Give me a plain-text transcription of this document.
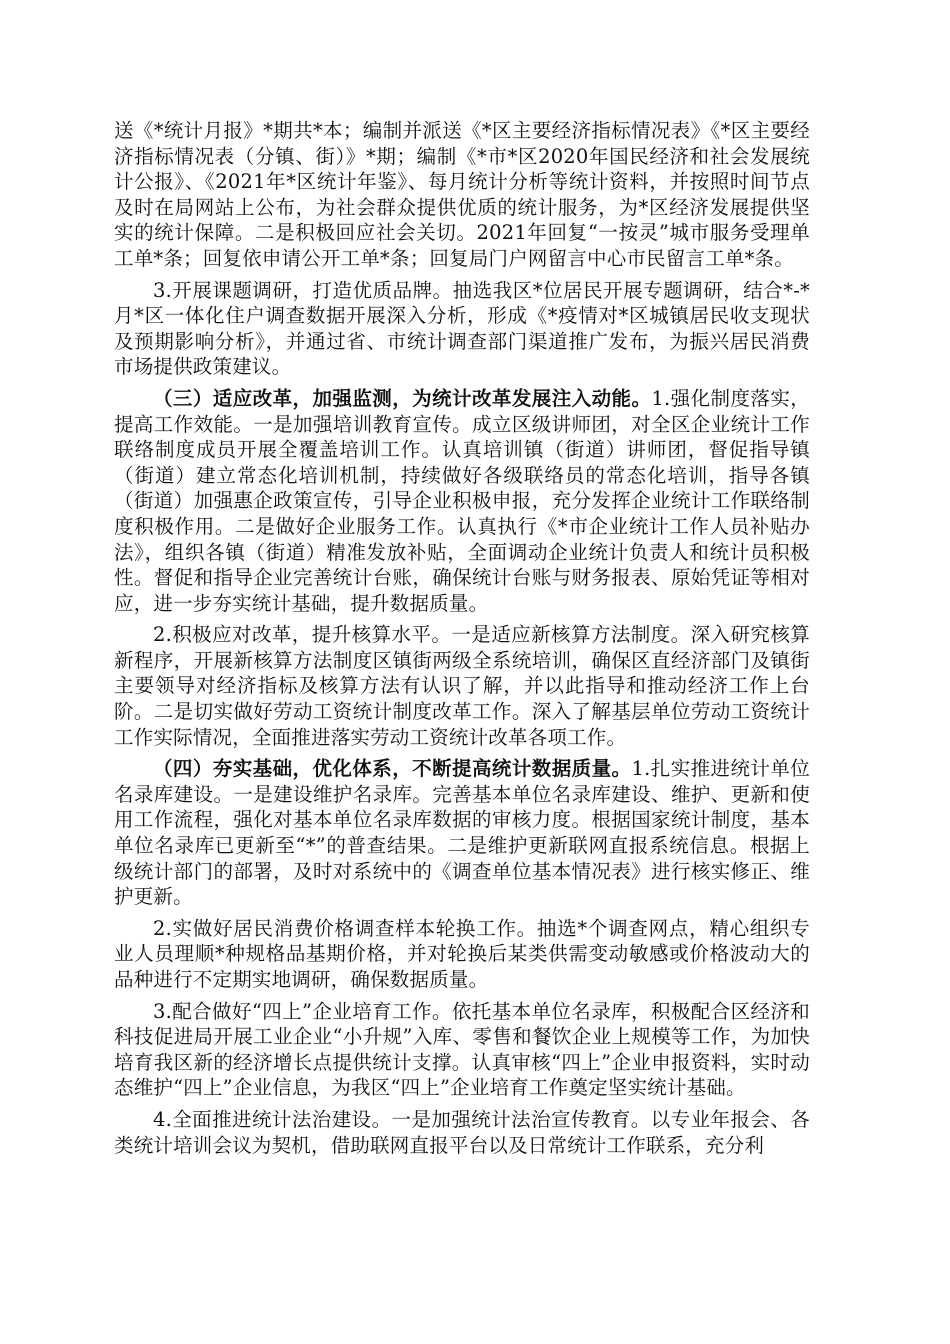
送《*统计月报》*期共*本；编制并派送《*区主要经济指标情况表》《*区主要经济指标情况表（分镇、街）》*期；编制《*市*区2020年国民经济和社会发展统计公报》、《2021年*区统计年鉴》、每月统计分析等统计资料，并按照时间节点及时在局网站上公布，为社会群众提供优质的统计服务，为*区经济发展提供坚实的统计保障。二是积极回应社会关切。2021年回复“一按灵”城市服务受理单工单*条；回复依申请公开工单*条；回复局门户网留言中心市民留言工单*条。

3.开展课题调研，打造优质品牌。抽选我区*位居民开展专题调研，结合*-*月*区一体化住户调查数据开展深入分析，形成《*疫情对*区城镇居民收支现状及预期影响分析》，并通过省、市统计调查部门渠道推广发布，为振兴居民消费市场提供政策建议。

（三）适应改革，加强监测，为统计改革发展注入动能。1.强化制度落实，提高工作效能。一是加强培训教育宣传。成立区级讲师团，对全区企业统计工作联络制度成员开展全覆盖培训工作。认真培训镇（街道）讲师团，督促指导镇（街道）建立常态化培训机制，持续做好各级联络员的常态化培训，指导各镇（街道）加强惠企政策宣传，引导企业积极申报，充分发挥企业统计工作联络制度积极作用。二是做好企业服务工作。认真执行《*市企业统计工作人员补贴办法》，组织各镇（街道）精准发放补贴，全面调动企业统计负责人和统计员积极性。督促和指导企业完善统计台账，确保统计台账与财务报表、原始凭证等相对应，进一步夯实统计基础，提升数据质量。

2.积极应对改革，提升核算水平。一是适应新核算方法制度。深入研究核算新程序，开展新核算方法制度区镇街两级全系统培训，确保区直经济部门及镇街主要领导对经济指标及核算方法有认识了解，并以此指导和推动经济工作上台阶。二是切实做好劳动工资统计制度改革工作。深入了解基层单位劳动工资统计工作实际情况，全面推进落实劳动工资统计改革各项工作。

（四）夯实基础，优化体系，不断提高统计数据质量。1.扎实推进统计单位名录库建设。一是建设维护名录库。完善基本单位名录库建设、维护、更新和使用工作流程，强化对基本单位名录库数据的审核力度。根据国家统计制度，基本单位名录库已更新至“*”的普查结果。二是维护更新联网直报系统信息。根据上级统计部门的部署，及时对系统中的《调查单位基本情况表》进行核实修正、维护更新。

2.实做好居民消费价格调查样本轮换工作。抽选*个调查网点，精心组织专业人员理顺*种规格品基期价格，并对轮换后某类供需变动敏感或价格波动大的品种进行不定期实地调研，确保数据质量。

3.配合做好“四上”企业培育工作。依托基本单位名录库，积极配合区经济和科技促进局开展工业企业“小升规”入库、零售和餐饮企业上规模等工作，为加快培育我区新的经济增长点提供统计支撑。认真审核“四上”企业申报资料，实时动态维护“四上”企业信息，为我区“四上”企业培育工作奠定坚实统计基础。

4.全面推进统计法治建设。一是加强统计法治宣传教育。以专业年报会、各类统计培训会议为契机，借助联网直报平台以及日常统计工作联系，充分利
